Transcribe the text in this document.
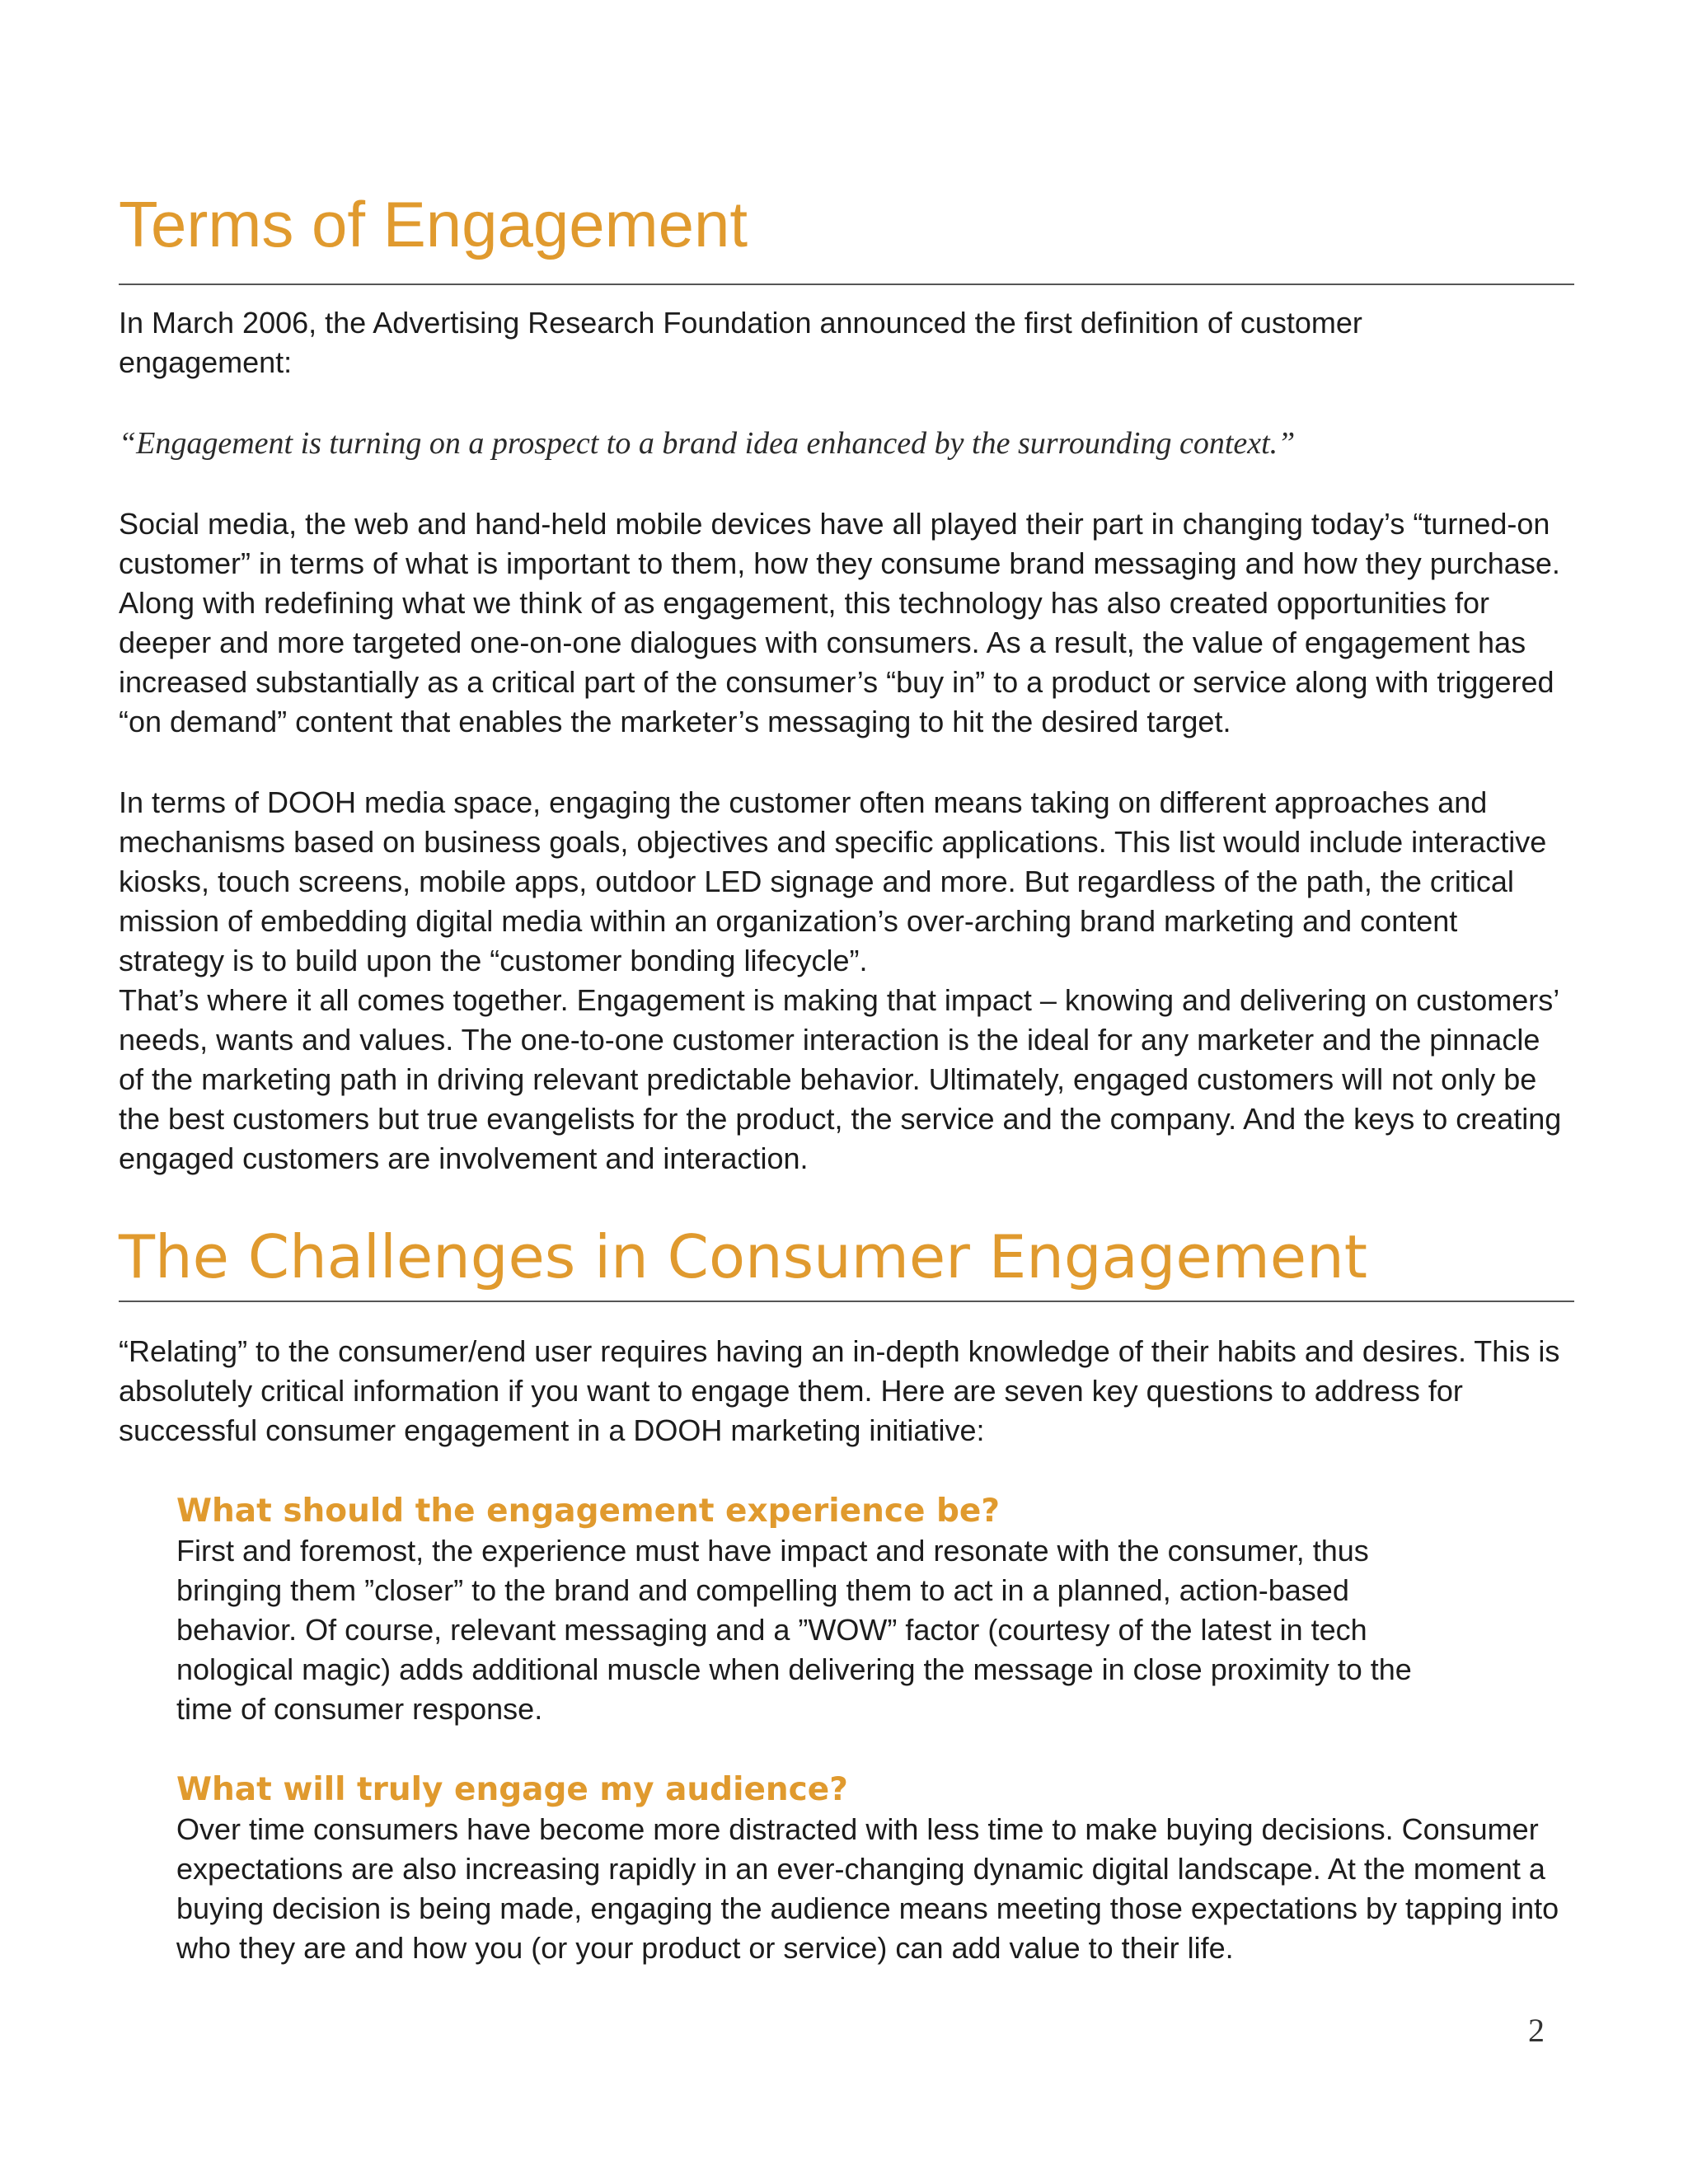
Terms of Engagement

In March 2006, the Advertising Research Foundation announced the first definition of customer engagement:

“Engagement is turning on a prospect to a brand idea enhanced by the surrounding context.”

Social media, the web and hand-held mobile devices have all played their part in changing today’s “turned-on customer” in terms of what is important to them, how they consume brand messaging and how they purchase. Along with redefining what we think of as engagement, this technology has also created opportunities for deeper and more targeted one-on-one dialogues with consumers. As a result, the value of engagement has increased substantially as a critical part of the consumer’s “buy in” to a product or service along with triggered “on demand” content that enables the marketer’s messaging to hit the desired target.

In terms of DOOH media space, engaging the customer often means taking on different approaches and mechanisms based on business goals, objectives and specific applications. This list would include interactive kiosks, touch screens, mobile apps, outdoor LED signage and more. But regardless of the path, the critical mission of embedding digital media within an organization’s over-arching brand marketing and content strategy is to build upon the “customer bonding lifecycle”.

That’s where it all comes together. Engagement is making that impact – knowing and delivering on customers’ needs, wants and values. The one-to-one customer interaction is the ideal for any marketer and the pinnacle of the marketing path in driving relevant predictable behavior. Ultimately, engaged customers will not only be the best customers but true evangelists for the product, the service and the company. And the keys to creating engaged customers are involvement and interaction.

The Challenges in Consumer Engagement

“Relating” to the consumer/end user requires having an in-depth knowledge of their habits and desires. This is absolutely critical information if you want to engage them. Here are seven key questions to address for successful consumer engagement in a DOOH marketing initiative:

What should the engagement experience be?

First and foremost, the experience must have impact and resonate with the consumer, thus bringing them ”closer” to the brand and compelling them to act in a planned, action-based behavior. Of course, relevant messaging and a ”WOW” factor (courtesy of the latest in tech nological magic) adds additional muscle when delivering the message in close proximity to the time of consumer response.

What will truly engage my audience?

Over time consumers have become more distracted with less time to make buying decisions. Consumer expectations are also increasing rapidly in an ever-changing dynamic digital landscape. At the moment a buying decision is being made, engaging the audience means meeting those expectations by tapping into who they are and how you (or your product or service) can add value to their life.

2
